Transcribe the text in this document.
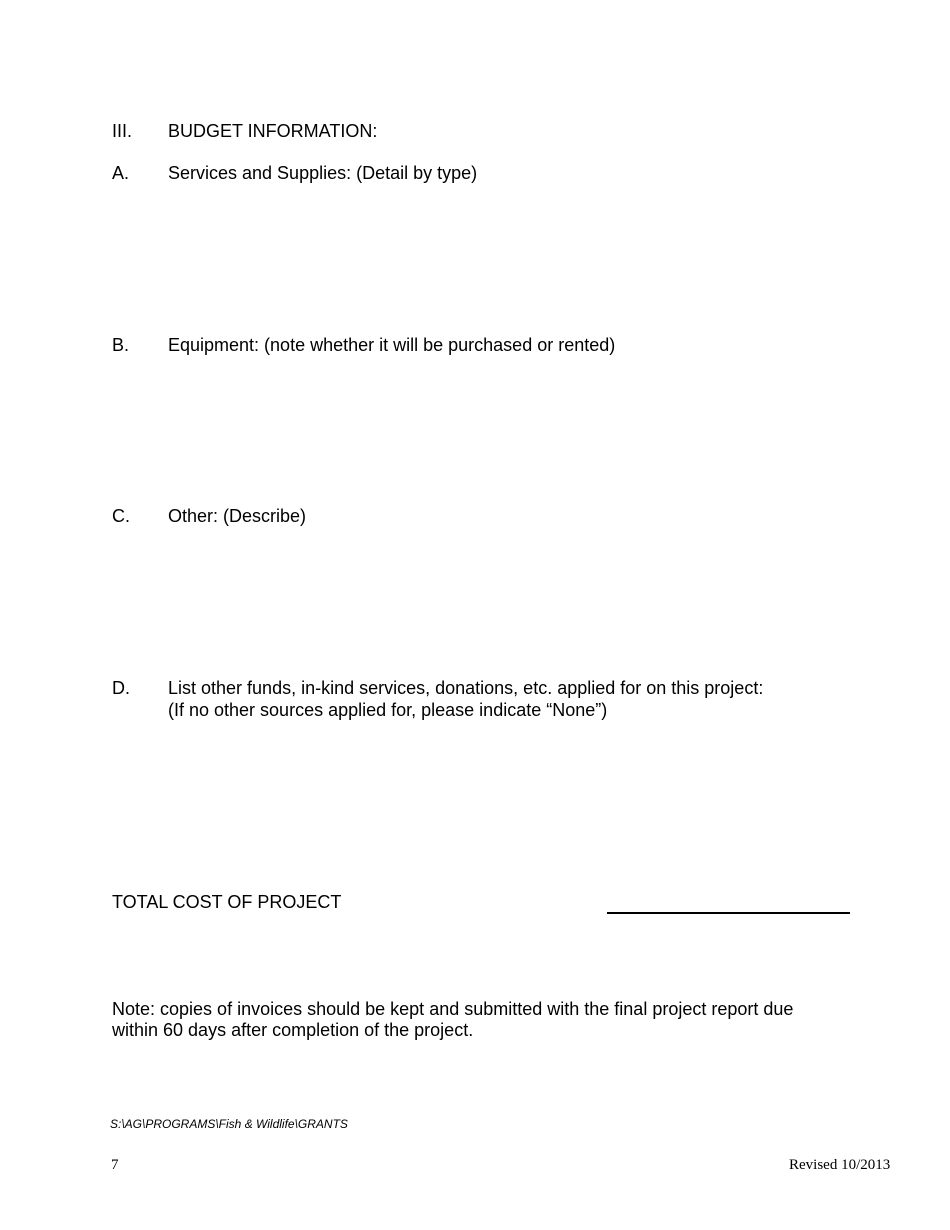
III. BUDGET INFORMATION:
A. Services and Supplies: (Detail by type)
B. Equipment: (note whether it will be purchased or rented)
C. Other: (Describe)
D. List other funds, in-kind services, donations, etc. applied for on this project:
(If no other sources applied for, please indicate “None”)
TOTAL COST OF PROJECT
Note: copies of invoices should be kept and submitted with the final project report due
within 60 days after completion of the project.
S:\AG\PROGRAMS\Fish & Wildlife\GRANTS
7	Revised 10/2013
